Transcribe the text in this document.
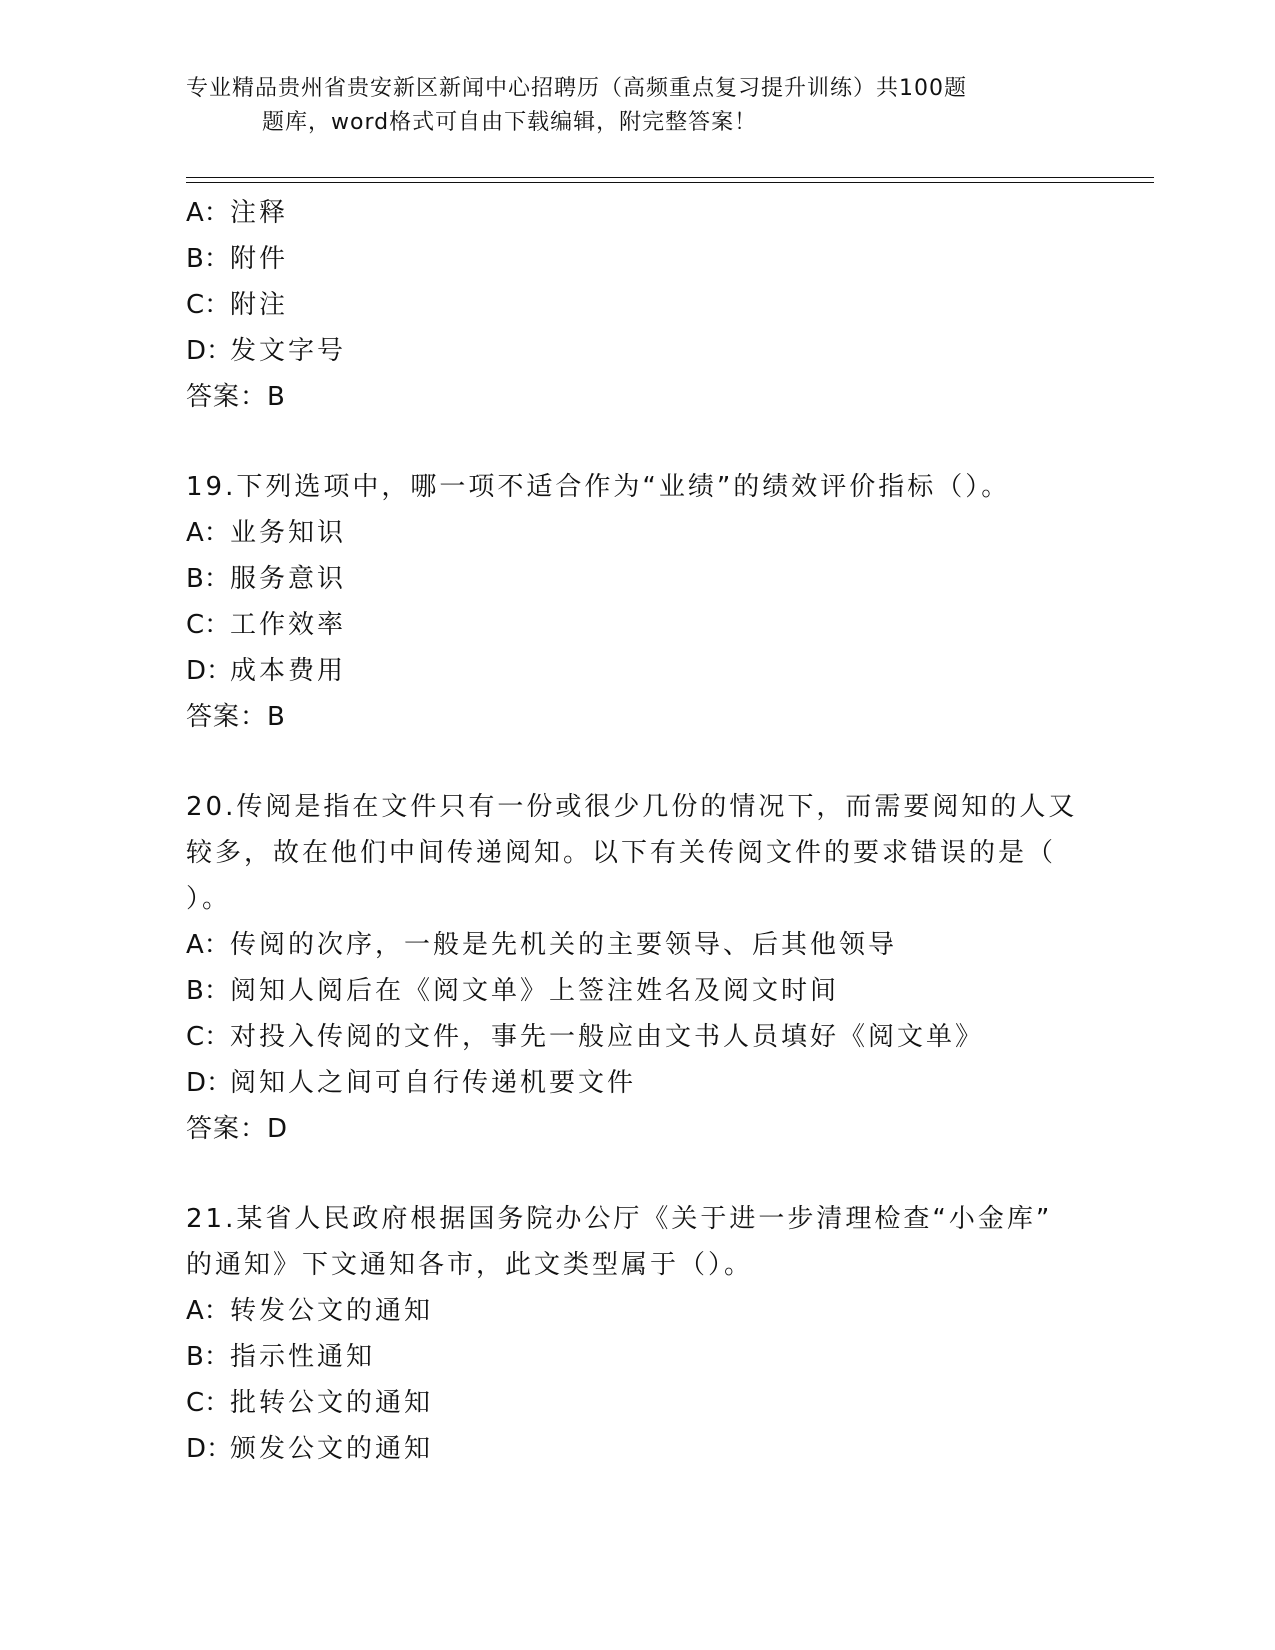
专业精品贵州省贵安新区新闻中心招聘历（高频重点复习提升训练）共100题
题库，word格式可自由下载编辑，附完整答案！
A：注释
B：附件
C：附注
D：发文字号
答案：B
19.下列选项中，哪一项不适合作为“业绩”的绩效评价指标（）。
A：业务知识
B：服务意识
C：工作效率
D：成本费用
答案：B
20.传阅是指在文件只有一份或很少几份的情况下，而需要阅知的人又
较多，故在他们中间传递阅知。以下有关传阅文件的要求错误的是（
）。
A：传阅的次序，一般是先机关的主要领导、后其他领导
B：阅知人阅后在《阅文单》上签注姓名及阅文时间
C：对投入传阅的文件，事先一般应由文书人员填好《阅文单》
D：阅知人之间可自行传递机要文件
答案：D
21.某省人民政府根据国务院办公厅《关于进一步清理检查“小金库”
的通知》下文通知各市，此文类型属于（）。
A：转发公文的通知
B：指示性通知
C：批转公文的通知
D：颁发公文的通知
